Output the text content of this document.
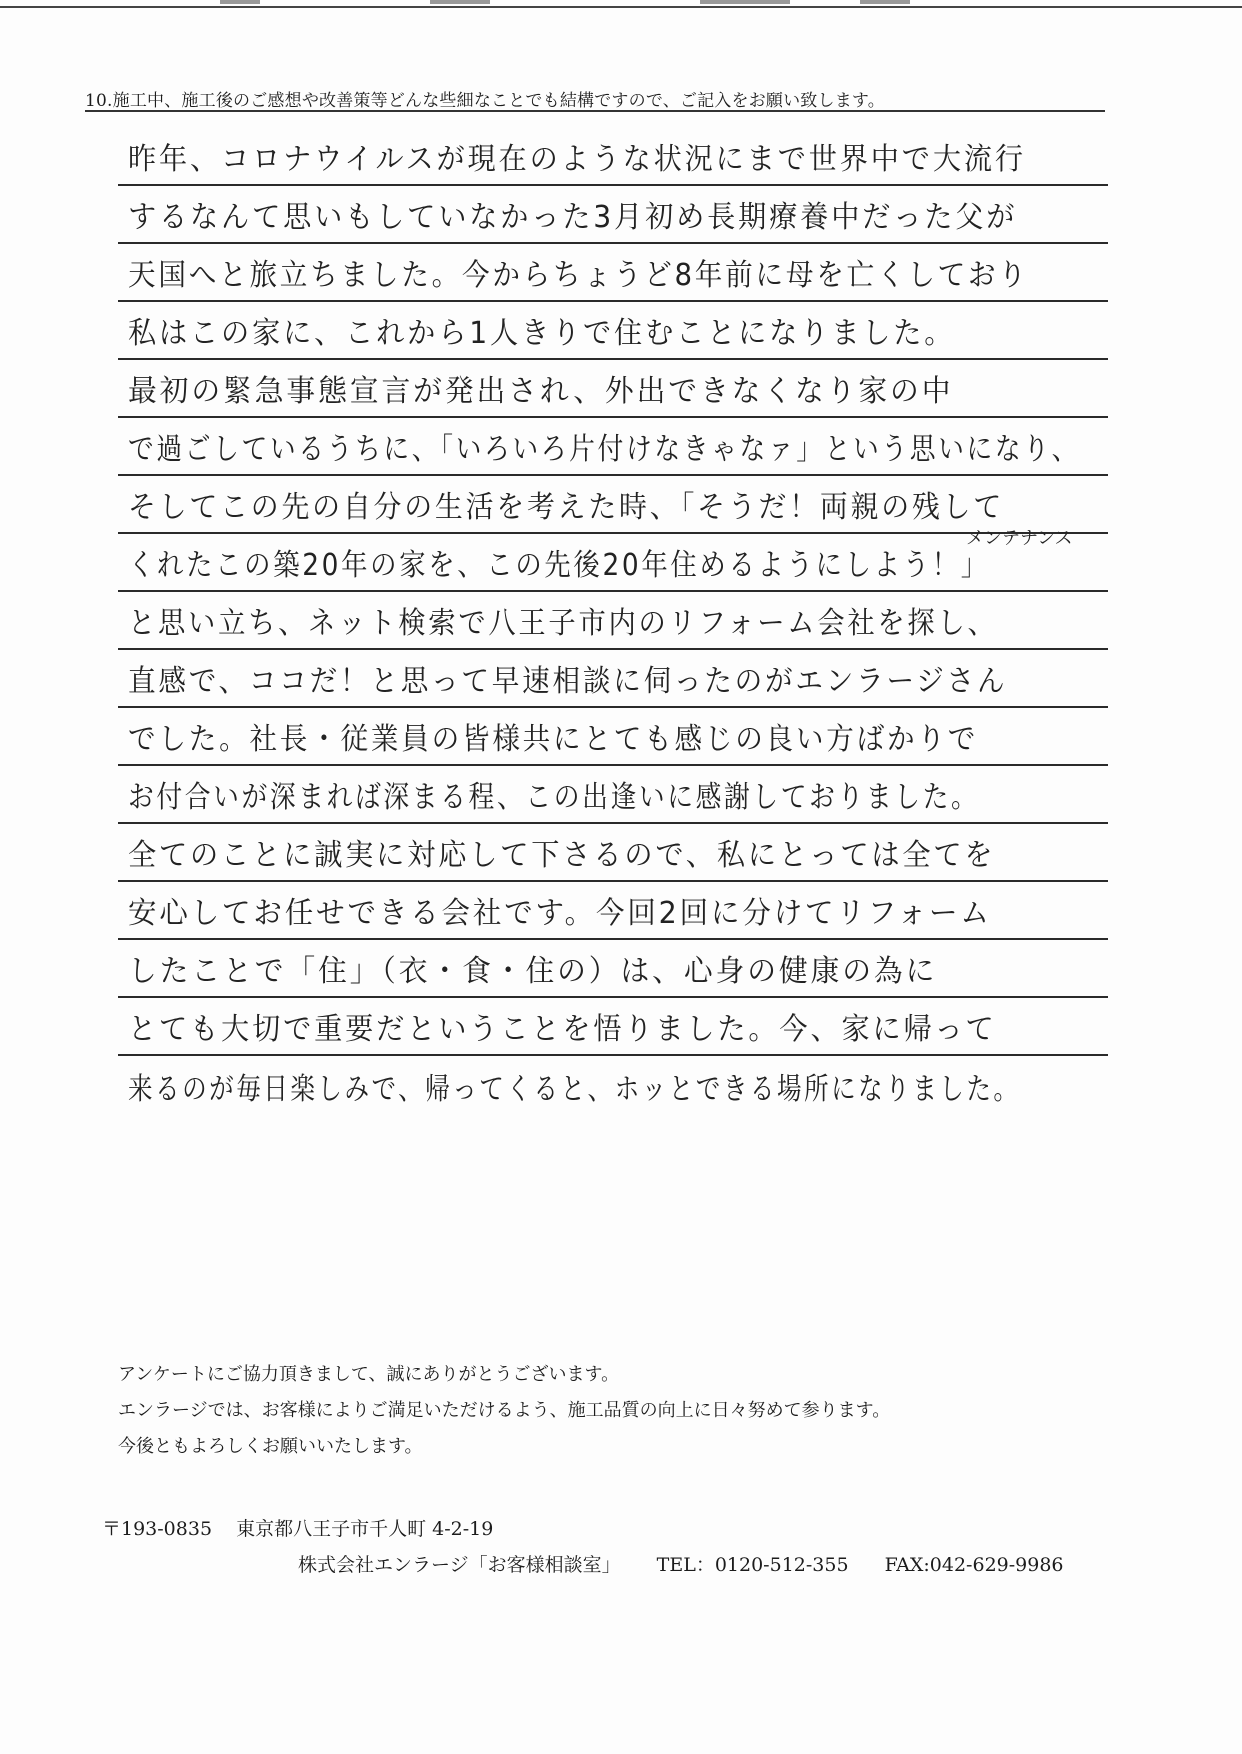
10.施工中、施工後のご感想や改善策等どんな些細なことでも結構ですので、ご記入をお願い致します。
昨年、コロナウイルスが現在のような状況にまで世界中で大流行
するなんて思いもしていなかった3月初め長期療養中だった父が
天国へと旅立ちました。今からちょうど8年前に母を亡くしており
私はこの家に、これから1人きりで住むことになりました。
最初の緊急事態宣言が発出され、外出できなくなり家の中
で過ごしているうちに、「いろいろ片付けなきゃなァ」という思いになり、
そしてこの先の自分の生活を考えた時、「そうだ！両親の残して
メンテナンス
くれたこの築20年の家を、この先後20年住めるようにしよう！」
と思い立ち、ネット検索で八王子市内のリフォーム会社を探し、
直感で、ココだ！と思って早速相談に伺ったのがエンラージさん
でした。社長・従業員の皆様共にとても感じの良い方ばかりで
お付合いが深まれば深まる程、この出逢いに感謝しておりました。
全てのことに誠実に対応して下さるので、私にとっては全てを
安心してお任せできる会社です。今回2回に分けてリフォーム
したことで「住」（衣・食・住の）は、心身の健康の為に
とても大切で重要だということを悟りました。今、家に帰って
来るのが毎日楽しみで、帰ってくると、ホッとできる場所になりました。
アンケートにご協力頂きまして、誠にありがとうございます。
エンラージでは、お客様によりご満足いただけるよう、施工品質の向上に日々努めて参ります。
今後ともよろしくお願いいたします。
〒193-0835 東京都八王子市千人町 4-2-19
株式会社エンラージ「お客様相談室」 TEL：0120-512-355 FAX:042-629-9986
